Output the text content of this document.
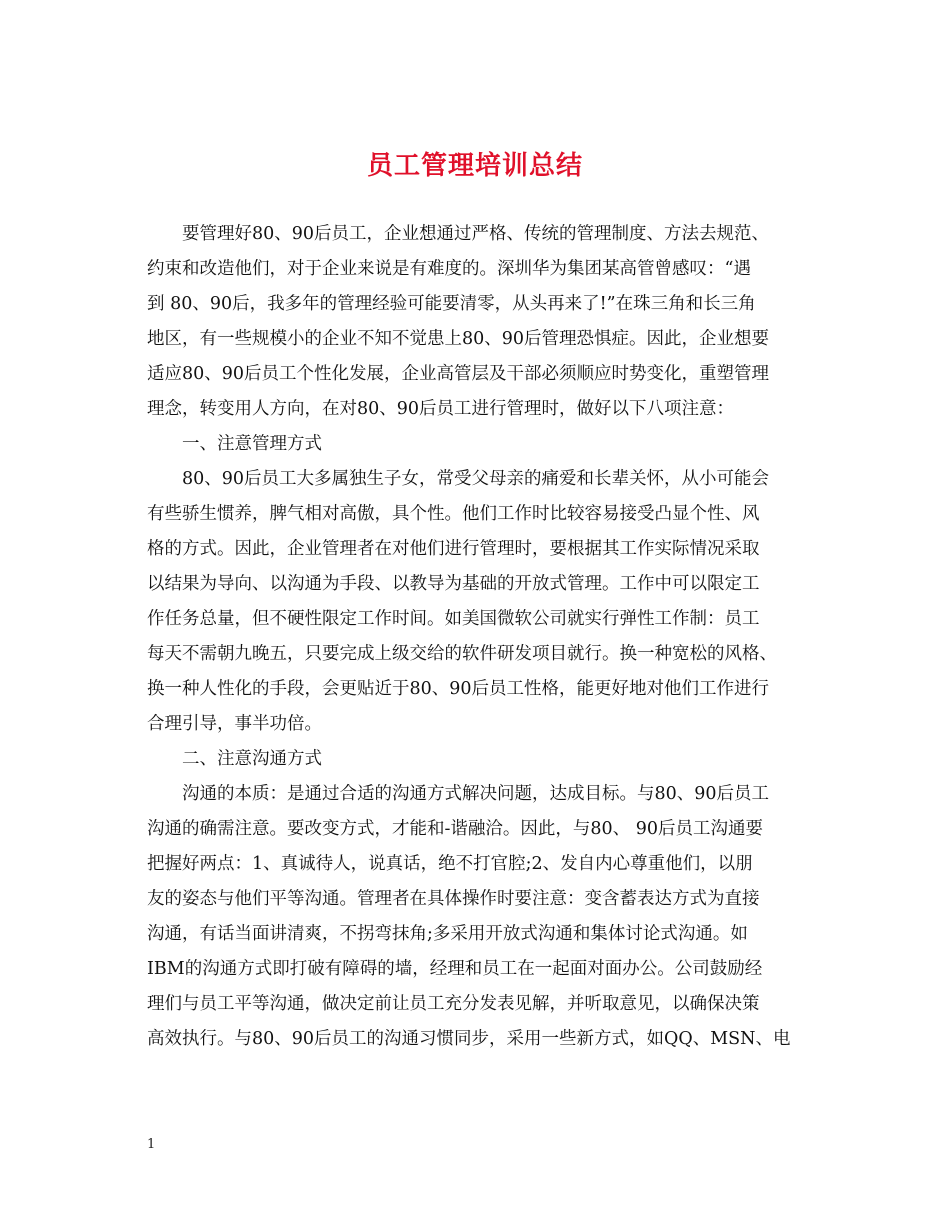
员工管理培训总结
要管理好80、90后员工，企业想通过严格、传统的管理制度、方法去规范、
约束和改造他们，对于企业来说是有难度的。深圳华为集团某高管曾感叹：“遇
到 80、90后，我多年的管理经验可能要清零，从头再来了!”在珠三角和长三角
地区，有一些规模小的企业不知不觉患上80、90后管理恐惧症。因此，企业想要
适应80、90后员工个性化发展，企业高管层及干部必须顺应时势变化，重塑管理
理念，转变用人方向，在对80、90后员工进行管理时，做好以下八项注意：
一、注意管理方式
80、90后员工大多属独生子女，常受父母亲的痛爱和长辈关怀，从小可能会
有些骄生惯养，脾气相对高傲，具个性。他们工作时比较容易接受凸显个性、风
格的方式。因此，企业管理者在对他们进行管理时，要根据其工作实际情况采取
以结果为导向、以沟通为手段、以教导为基础的开放式管理。工作中可以限定工
作任务总量，但不硬性限定工作时间。如美国微软公司就实行弹性工作制：员工
每天不需朝九晚五，只要完成上级交给的软件研发项目就行。换一种宽松的风格、
换一种人性化的手段，会更贴近于80、90后员工性格，能更好地对他们工作进行
合理引导，事半功倍。
二、注意沟通方式
沟通的本质：是通过合适的沟通方式解决问题，达成目标。与80、90后员工
沟通的确需注意。要改变方式，才能和-谐融洽。因此，与80、 90后员工沟通要
把握好两点：1、真诚待人，说真话，绝不打官腔;2、发自内心尊重他们，以朋
友的姿态与他们平等沟通。管理者在具体操作时要注意：变含蓄表达方式为直接
沟通，有话当面讲清爽，不拐弯抹角;多采用开放式沟通和集体讨论式沟通。如
IBM的沟通方式即打破有障碍的墙，经理和员工在一起面对面办公。公司鼓励经
理们与员工平等沟通，做决定前让员工充分发表见解，并听取意见，以确保决策
高效执行。与80、90后员工的沟通习惯同步，采用一些新方式，如QQ、MSN、电
1
